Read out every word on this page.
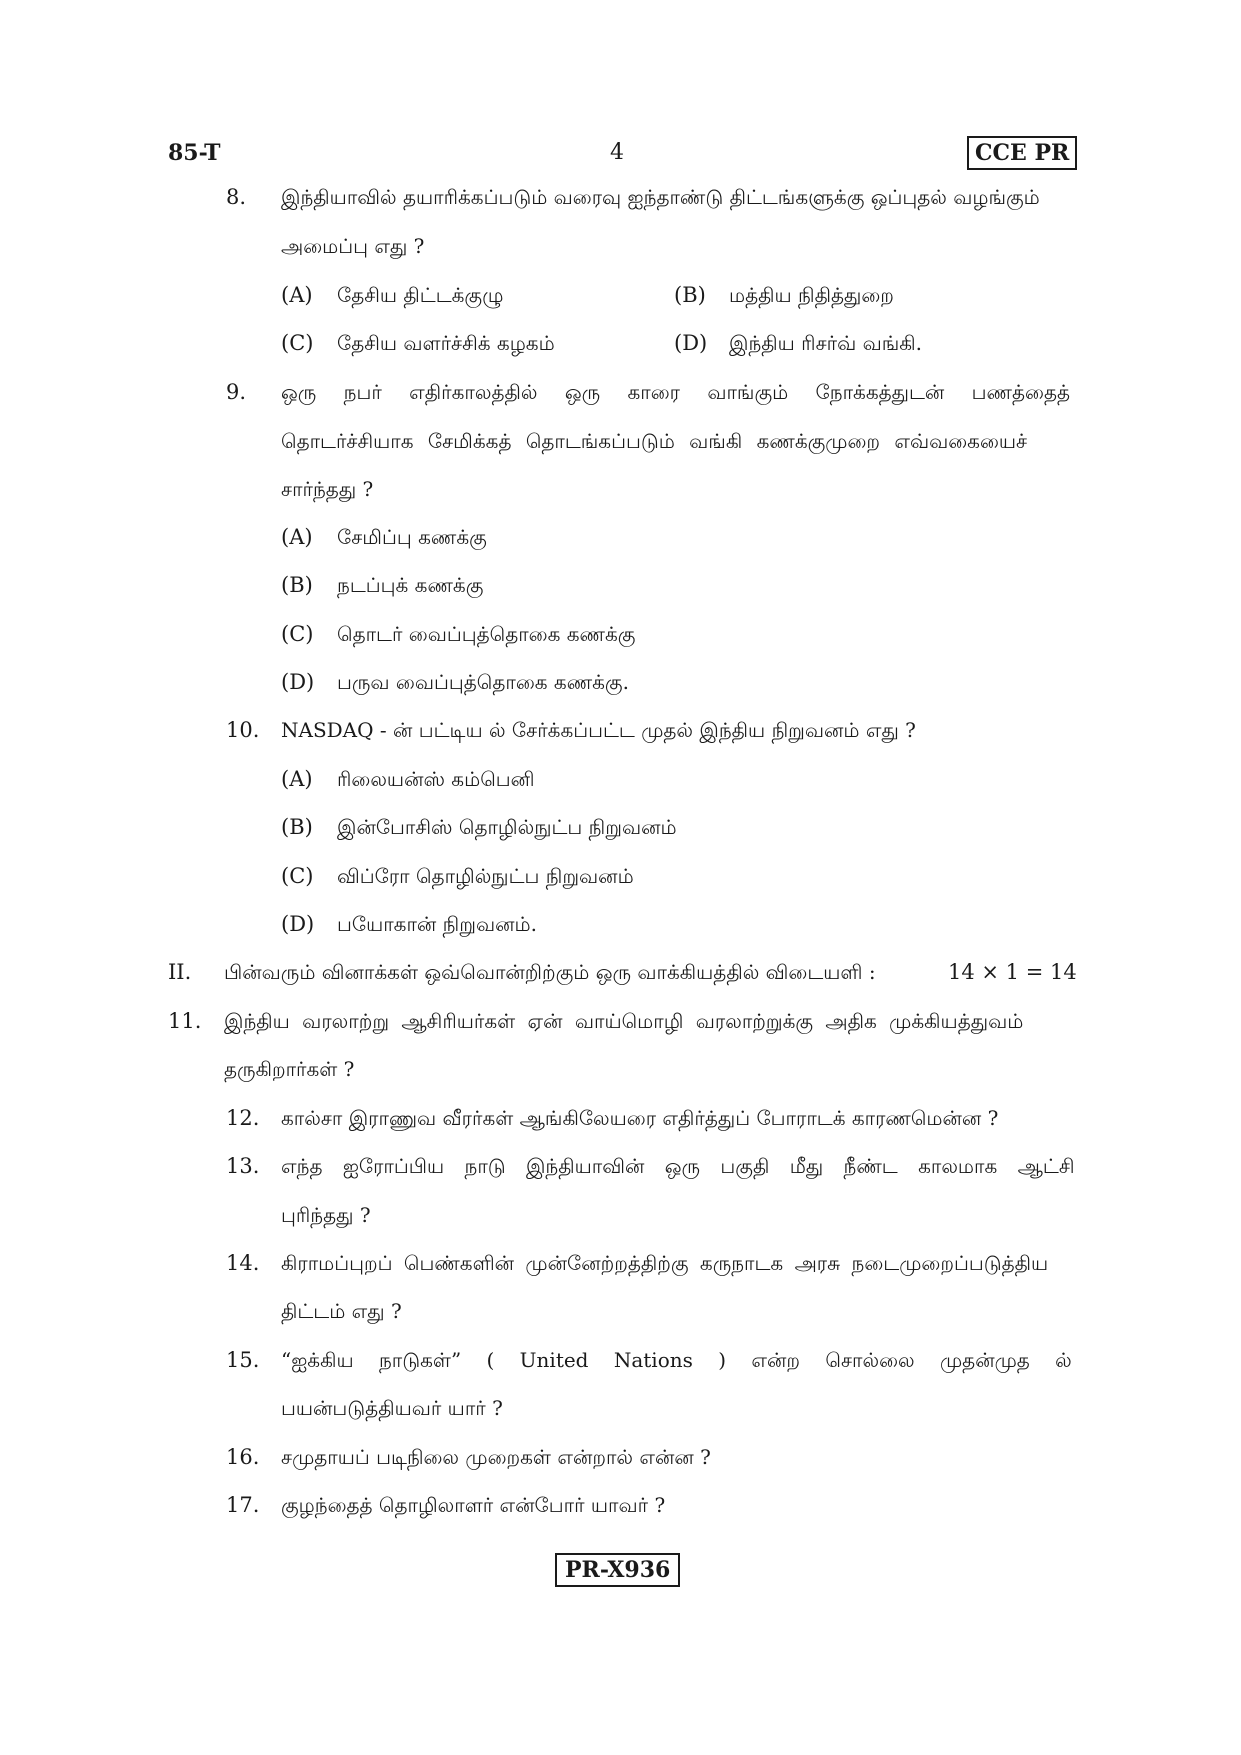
85-T	4	CCE PR
8. இந்தியாவில் தயாரிக்கப்படும் வரைவு ஐந்தாண்டு திட்டங்களுக்கு ஒப்புதல் வழங்கும்
அமைப்பு எது ?
(A) தேசிய திட்டக்குழு	(B) மத்திய நிதித்துறை
(C) தேசிய வளர்ச்சிக் கழகம்	(D) இந்திய ரிசர்வ் வங்கி.
9. ஒரு நபர் எதிர்காலத்தில் ஒரு காரை வாங்கும் நோக்கத்துடன் பணத்தைத்
தொடர்ச்சியாக சேமிக்கத் தொடங்கப்படும் வங்கி கணக்குமுறை எவ்வகையைச்
சார்ந்தது ?
(A) சேமிப்பு கணக்கு
(B) நடப்புக் கணக்கு
(C) தொடர் வைப்புத்தொகை கணக்கு
(D) பருவ வைப்புத்தொகை கணக்கு.
10. NASDAQ - ன் பட்டிய ல் சேர்க்கப்பட்ட முதல் இந்திய நிறுவனம் எது ?
(A) ரிலையன்ஸ் கம்பெனி
(B) இன்போசிஸ் தொழில்நுட்ப நிறுவனம்
(C) விப்ரோ தொழில்நுட்ப நிறுவனம்
(D) பயோகான் நிறுவனம்.
II. பின்வரும் வினாக்கள் ஒவ்வொன்றிற்கும் ஒரு வாக்கியத்தில் விடையளி :	14 × 1 = 14
11. இந்திய வரலாற்று ஆசிரியர்கள் ஏன் வாய்மொழி வரலாற்றுக்கு அதிக முக்கியத்துவம்
தருகிறார்கள் ?
12. கால்சா இராணுவ வீரர்கள் ஆங்கிலேயரை எதிர்த்துப் போராடக் காரணமென்ன ?
13. எந்த ஐரோப்பிய நாடு இந்தியாவின் ஒரு பகுதி மீது நீண்ட காலமாக ஆட்சி
புரிந்தது ?
14. கிராமப்புறப் பெண்களின் முன்னேற்றத்திற்கு கருநாடக அரசு நடைமுறைப்படுத்திய
திட்டம் எது ?
15. “ஐக்கிய நாடுகள்” ( United Nations ) என்ற சொல்லை முதன்முத ல்
பயன்படுத்தியவர் யார் ?
16. சமுதாயப் படிநிலை முறைகள் என்றால் என்ன ?
17. குழந்தைத் தொழிலாளர் என்போர் யாவர் ?
PR-X936
